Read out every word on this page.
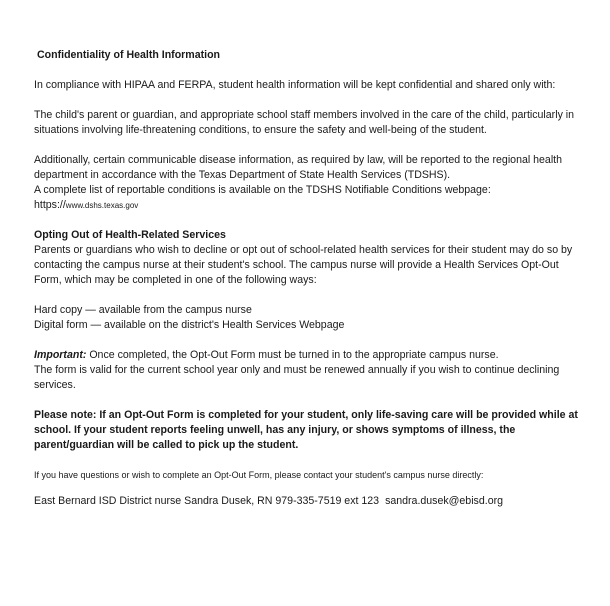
Confidentiality of Health Information

In compliance with HIPAA and FERPA, student health information will be kept confidential and shared only with:

The child's parent or guardian, and appropriate school staff members involved in the care of the child, particularly in situations involving life-threatening conditions, to ensure the safety and well-being of the student.

Additionally, certain communicable disease information, as required by law, will be reported to the regional health department in accordance with the Texas Department of State Health Services (TDSHS).
A complete list of reportable conditions is available on the TDSHS Notifiable Conditions webpage:
https://www.dshs.texas.gov

Opting Out of Health-Related Services
Parents or guardians who wish to decline or opt out of school-related health services for their student may do so by contacting the campus nurse at their student's school. The campus nurse will provide a Health Services Opt-Out Form, which may be completed in one of the following ways:

Hard copy — available from the campus nurse
Digital form — available on the district's Health Services Webpage

Important: Once completed, the Opt-Out Form must be turned in to the appropriate campus nurse.
The form is valid for the current school year only and must be renewed annually if you wish to continue declining services.

Please note: If an Opt-Out Form is completed for your student, only life-saving care will be provided while at school. If your student reports feeling unwell, has any injury, or shows symptoms of illness, the parent/guardian will be called to pick up the student.

If you have questions or wish to complete an Opt-Out Form, please contact your student's campus nurse directly:

East Bernard ISD District nurse Sandra Dusek, RN 979-335-7519 ext 123 sandra.dusek@ebisd.org
